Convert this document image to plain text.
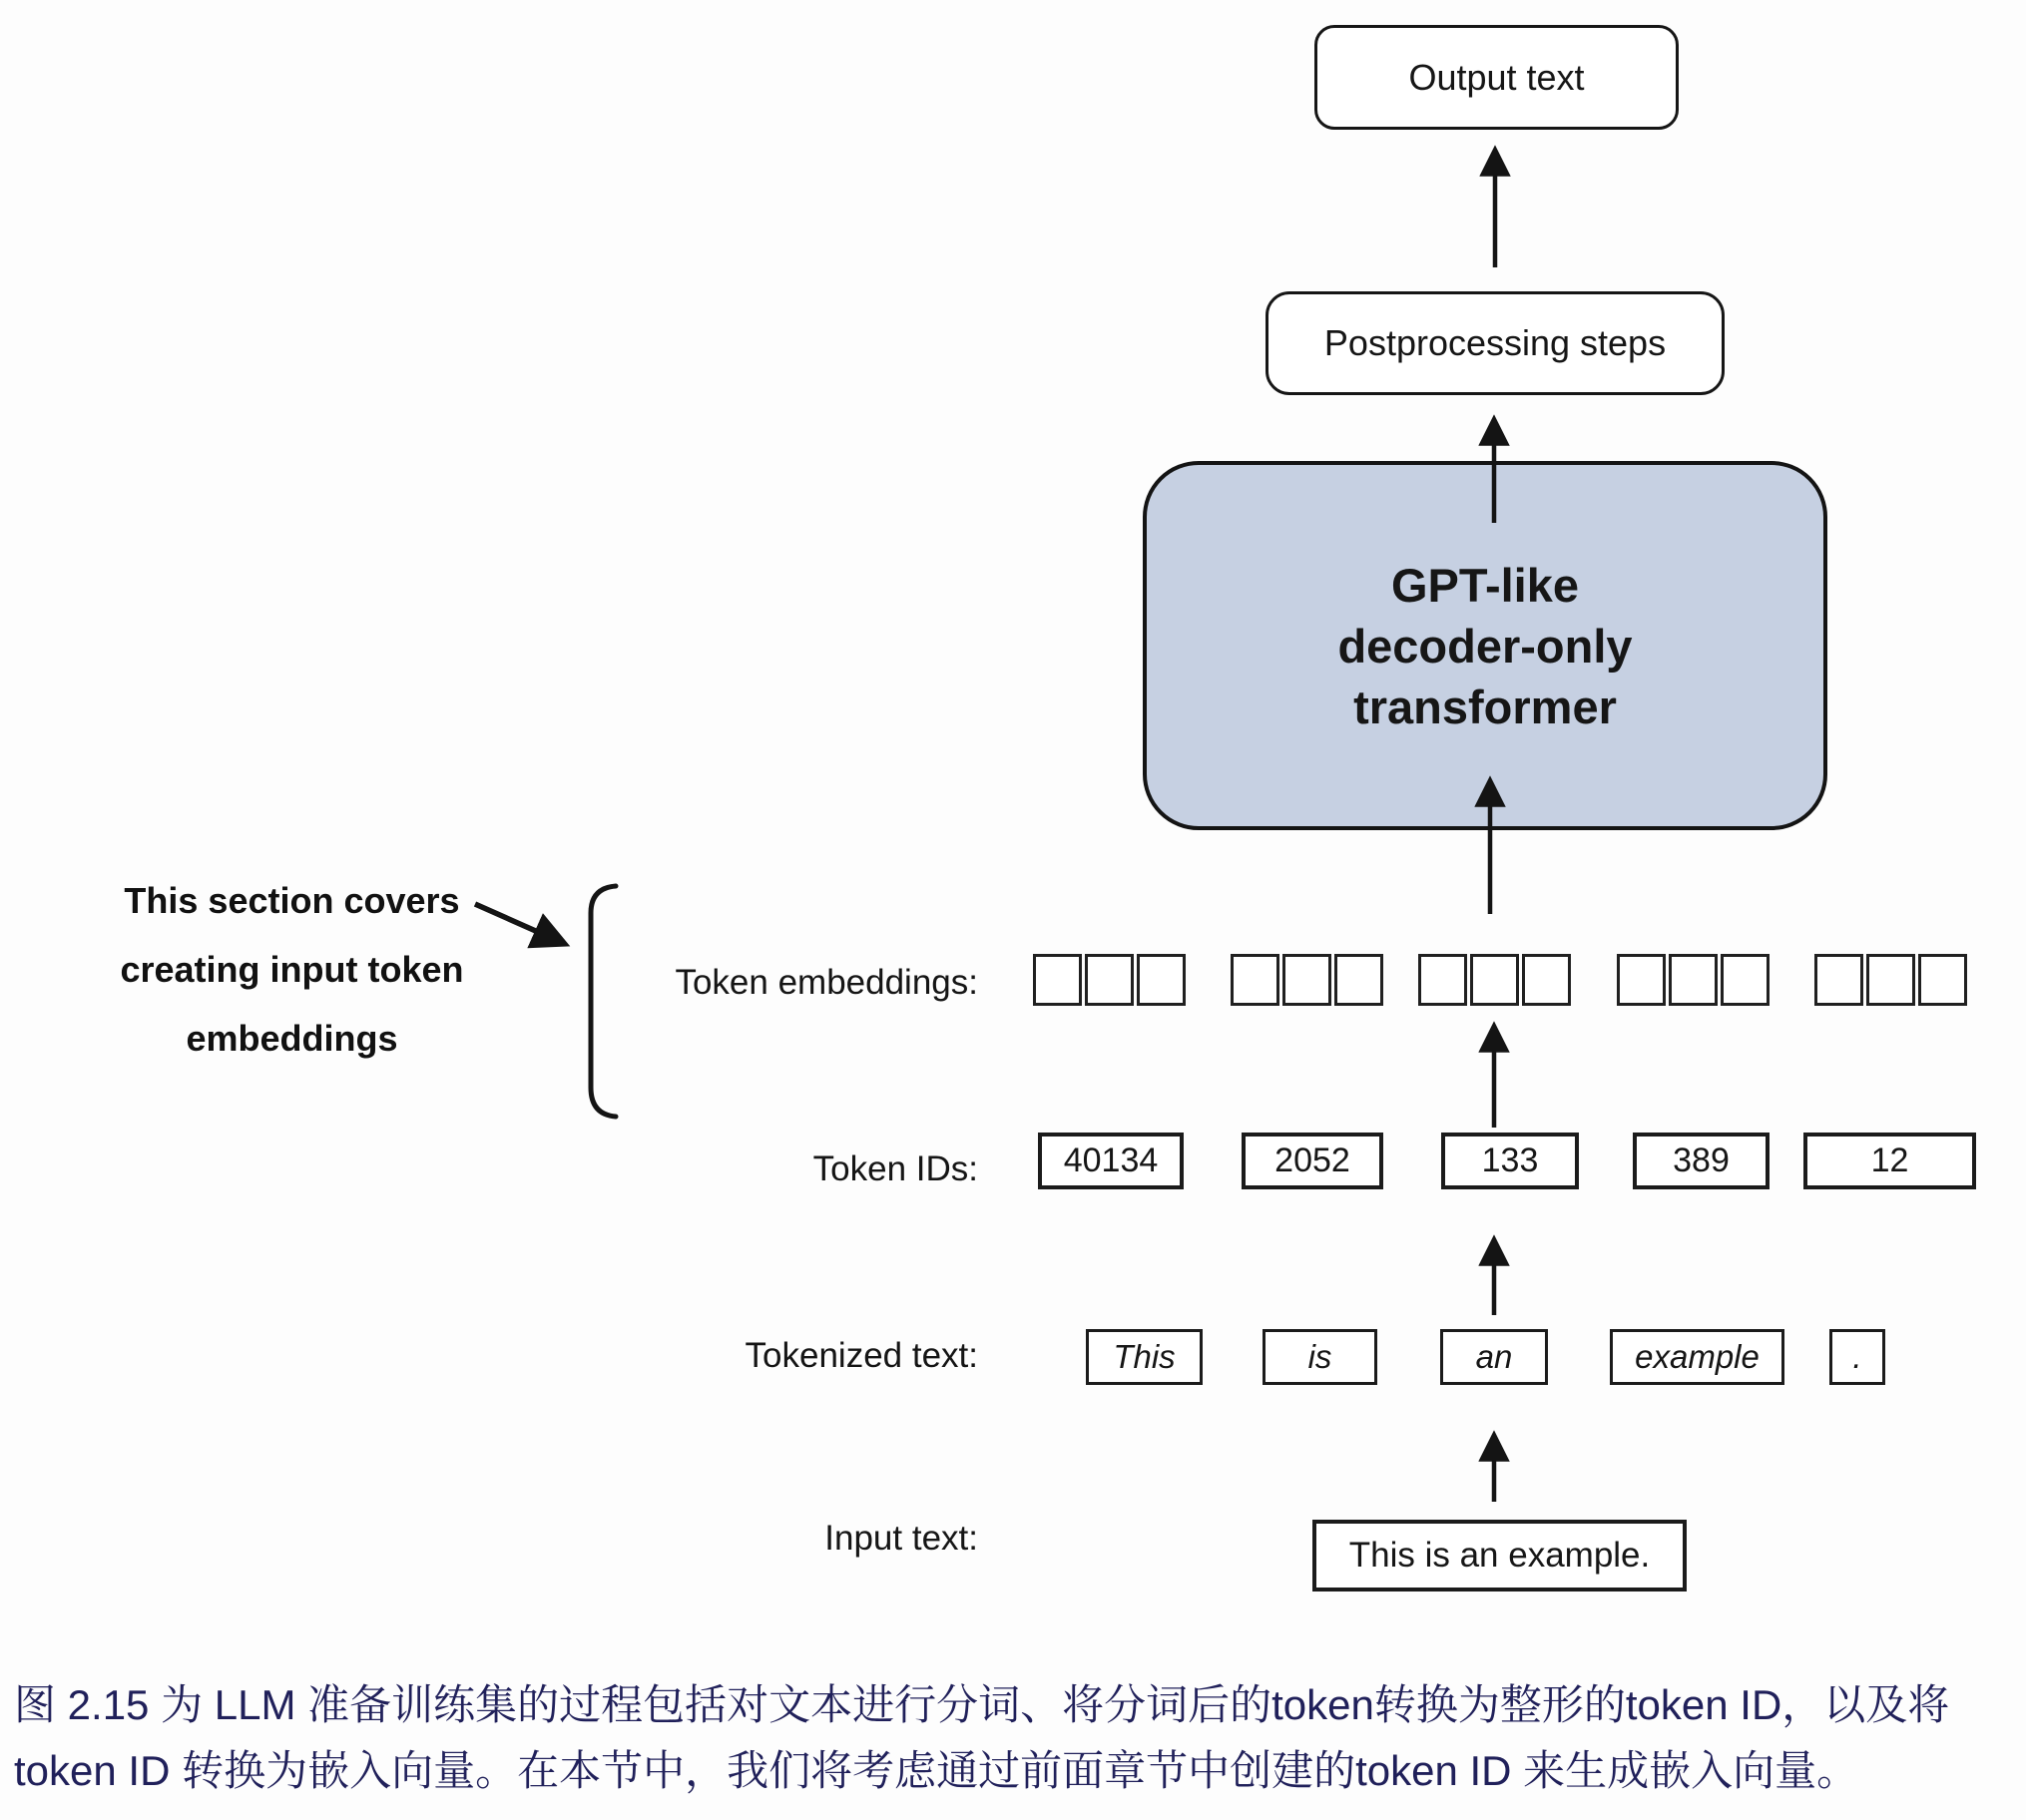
Output text
Postprocessing steps
GPT-like
decoder-only
transformer
Token embeddings:
Token IDs:
Tokenized text:
Input text:
40134	2052	133	389	12
This	is	an	example	.
This is an example.
This section covers
creating input token
embeddings
图 2.15 为 LLM 准备训练集的过程包括对文本进行分词、将分词后的token转换为整形的token ID，以及将
token ID 转换为嵌入向量。在本节中，我们将考虑通过前面章节中创建的token ID 来生成嵌入向量。
